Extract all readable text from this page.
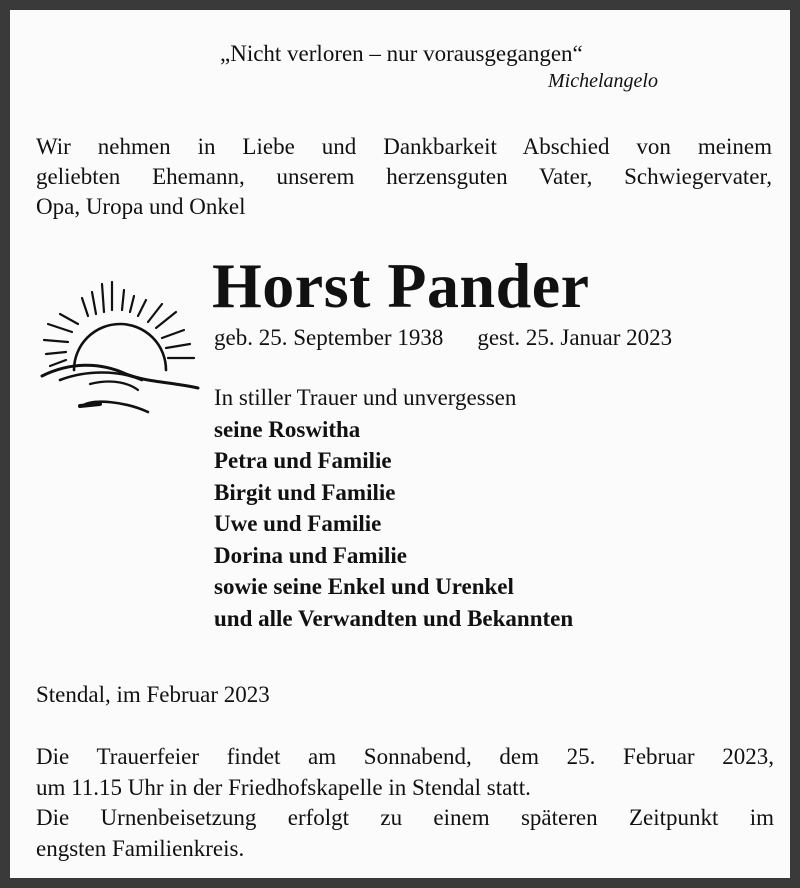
„Nicht verloren – nur vorausgegangen“
Michelangelo
Wir nehmen in Liebe und Dankbarkeit Abschied von meinem
geliebten Ehemann, unserem herzensguten Vater, Schwiegervater,
Opa, Uropa und Onkel
Horst Pander
geb. 25. September 1938 gest. 25. Januar 2023
In stiller Trauer und unvergessen
seine Roswitha
Petra und Familie
Birgit und Familie
Uwe und Familie
Dorina und Familie
sowie seine Enkel und Urenkel
und alle Verwandten und Bekannten
Stendal, im Februar 2023
Die Trauerfeier findet am Sonnabend, dem 25. Februar 2023,
um 11.15 Uhr in der Friedhofskapelle in Stendal statt.
Die Urnenbeisetzung erfolgt zu einem späteren Zeitpunkt im
engsten Familienkreis.
